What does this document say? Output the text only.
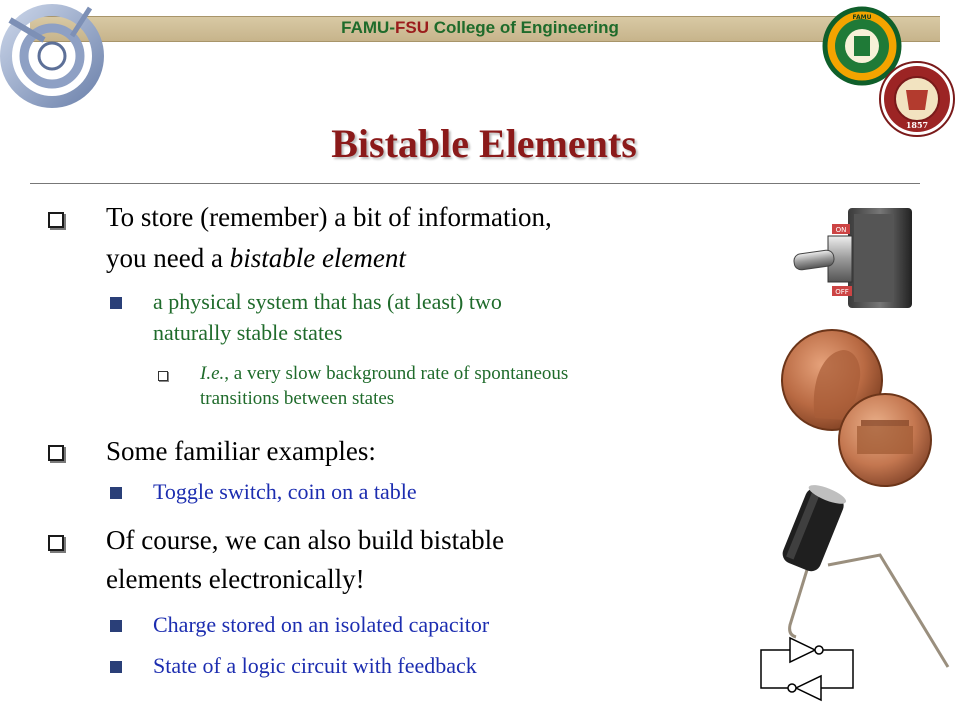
FAMU-FSU College of Engineering
FAMU
1857
Bistable Elements
To store (remember) a bit of information,
you need a bistable element
a physical system that has (at least) two
naturally stable states
I.e., a very slow background rate of spontaneous
transitions between states
Some familiar examples:
Toggle switch, coin on a table
Of course, we can also build bistable
elements electronically!
Charge stored on an isolated capacitor
State of a logic circuit with feedback
ON
OFF
